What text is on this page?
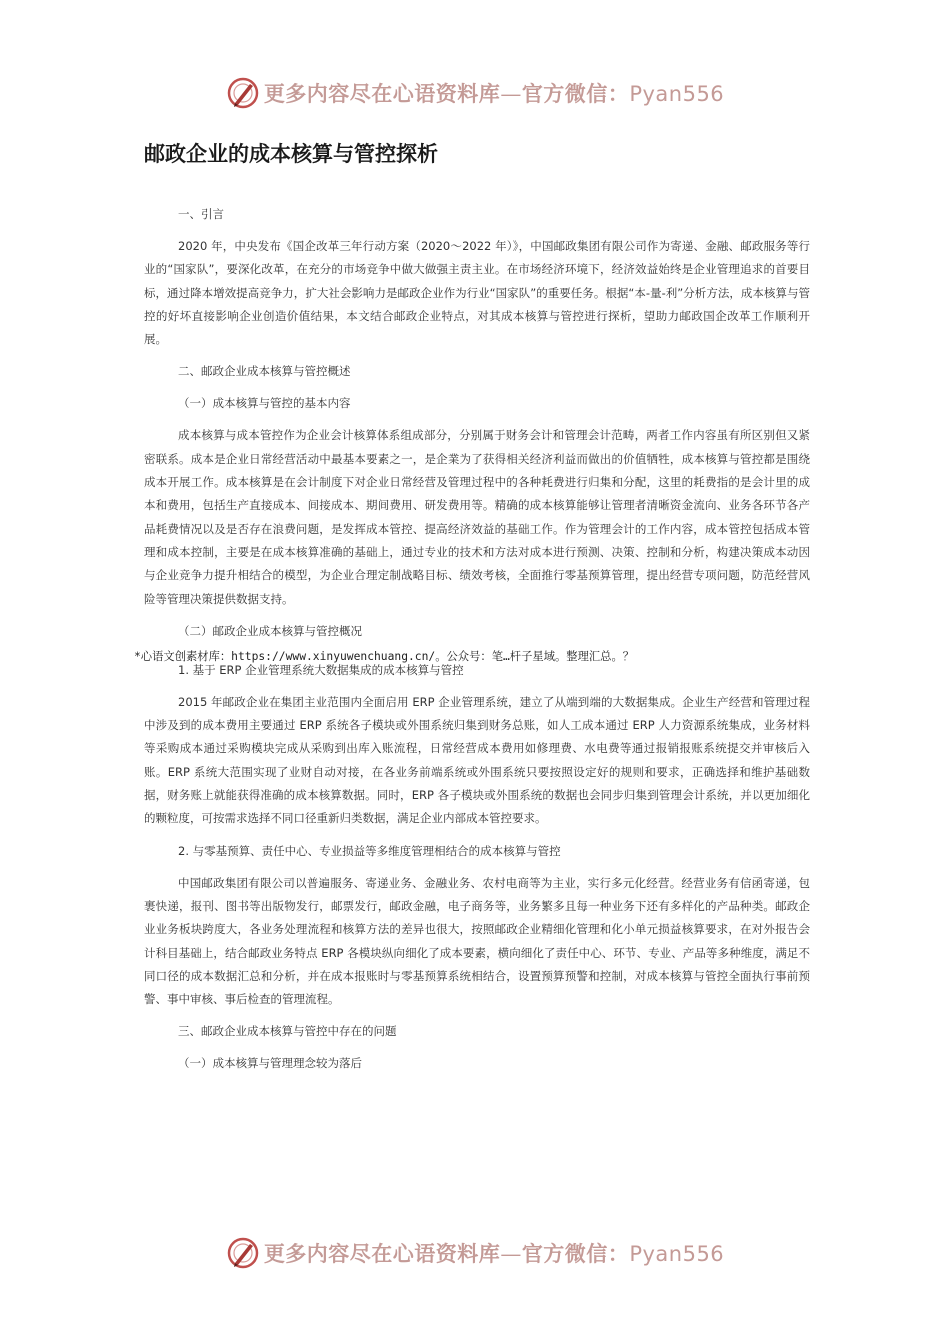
更多内容尽在心语资料库—官方微信：Pyan556
邮政企业的成本核算与管控探析

一、引言

2020 年，中央发布《国企改革三年行动方案（2020～2022 年）》，中国邮政集团有限公司作为寄递、金融、邮政服务等行业的“国家队”，要深化改革，在充分的市场竞争中做大做强主责主业。在市场经济环境下，经济效益始终是企业管理追求的首要目标，通过降本增效提高竞争力，扩大社会影响力是邮政企业作为行业“国家队”的重要任务。根据“本-量-利”分析方法，成本核算与管控的好坏直接影响企业创造价值结果，本文结合邮政企业特点，对其成本核算与管控进行探析，望助力邮政国企改革工作顺利开展。

二、邮政企业成本核算与管控概述

（一）成本核算与管控的基本内容

成本核算与成本管控作为企业会计核算体系组成部分，分别属于财务会计和管理会计范畴，两者工作内容虽有所区别但又紧密联系。成本是企业日常经营活动中最基本要素之一，是企業为了获得相关经济利益而做出的价值牺牲，成本核算与管控都是围绕成本开展工作。成本核算是在会计制度下对企业日常经营及管理过程中的各种耗费进行归集和分配，这里的耗费指的是会计里的成本和费用，包括生产直接成本、间接成本、期间费用、研发费用等。精确的成本核算能够让管理者清晰资金流向、业务各环节各产品耗费情况以及是否存在浪费问题，是发挥成本管控、提高经济效益的基础工作。作为管理会计的工作内容，成本管控包括成本管理和成本控制，主要是在成本核算准确的基础上，通过专业的技术和方法对成本进行预测、决策、控制和分析，构建决策成本动因与企业竞争力提升相结合的模型，为企业合理定制战略目标、绩效考核，全面推行零基预算管理，提出经营专项问题，防范经营风险等管理决策提供数据支持。

（二）邮政企业成本核算与管控概况

1. 基于 ERP 企业管理系统大数据集成的成本核算与管控

2015 年邮政企业在集团主业范围内全面启用 ERP 企业管理系统，建立了从端到端的大数据集成。企业生产经营和管理过程中涉及到的成本费用主要通过 ERP 系统各子模块或外围系统归集到财务总账，如人工成本通过 ERP 人力资源系统集成，业务材料等采购成本通过采购模块完成从采购到出库入账流程，日常经营成本费用如修理费、水电费等通过报销报账系统提交并审核后入账。ERP 系统大范围实现了业财自动对接，在各业务前端系统或外围系统只要按照设定好的规则和要求，正确选择和维护基础数据，财务账上就能获得准确的成本核算数据。同时，ERP 各子模块或外围系统的数据也会同步归集到管理会计系统，并以更加细化的颗粒度，可按需求选择不同口径重新归类数据，满足企业内部成本管控要求。

2. 与零基预算、责任中心、专业损益等多维度管理相结合的成本核算与管控

中国邮政集团有限公司以普遍服务、寄递业务、金融业务、农村电商等为主业，实行多元化经营。经营业务有信函寄递，包裹快递，报刊、图书等出版物发行，邮票发行，邮政金融，电子商务等，业务繁多且每一种业务下还有多样化的产品种类。邮政企业业务板块跨度大，各业务处理流程和核算方法的差异也很大，按照邮政企业精细化管理和化小单元损益核算要求，在对外报告会计科目基础上，结合邮政业务特点 ERP 各模块纵向细化了成本要素，横向细化了责任中心、环节、专业、产品等多种维度，满足不同口径的成本数据汇总和分析，并在成本报账时与零基预算系统相结合，设置预算预警和控制，对成本核算与管控全面执行事前预警、事中审核、事后检查的管理流程。

三、邮政企业成本核算与管控中存在的问题

（一）成本核算与管理理念较为落后

*心语文创素材库：https://www.xinyuwenchuang.cn/。公众号：笔…杆子星域。整理汇总。？
更多内容尽在心语资料库—官方微信：Pyan556
